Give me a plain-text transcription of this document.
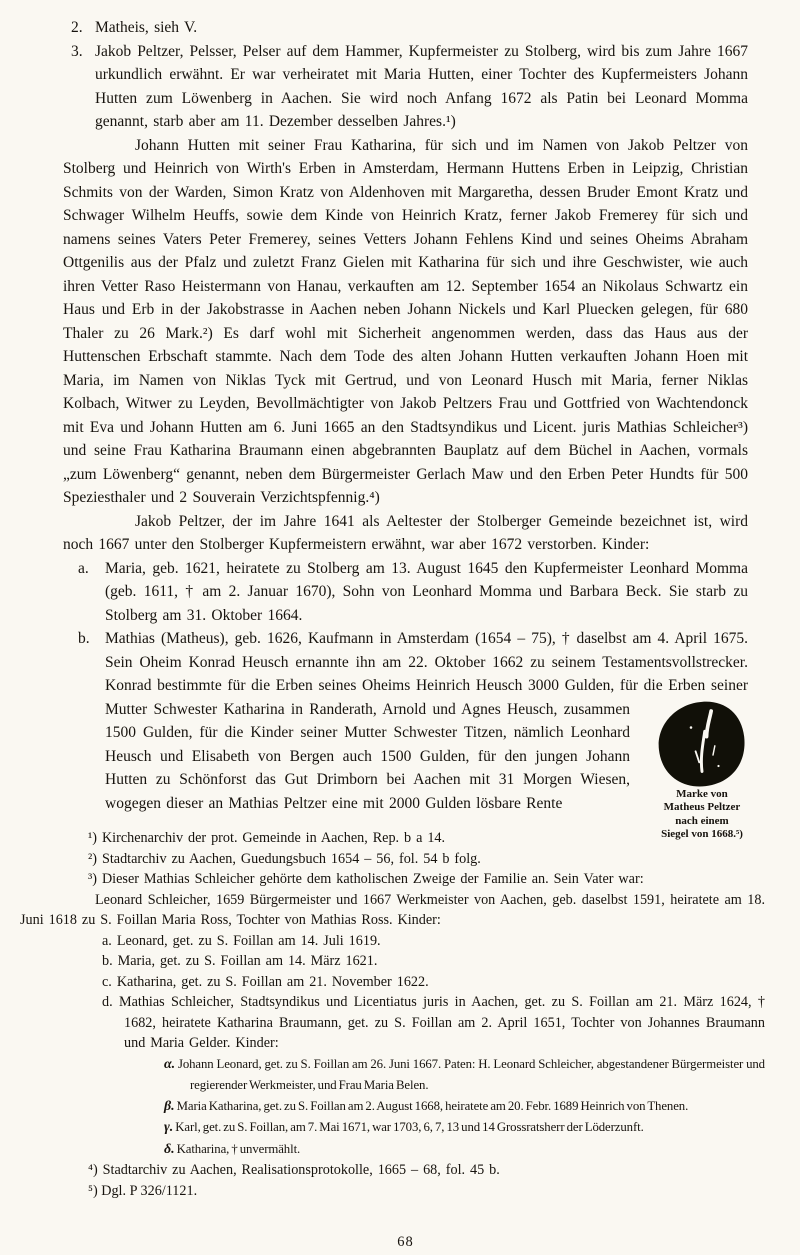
2. Matheis, sieh V.
3. Jakob Peltzer, Pelsser, Pelser auf dem Hammer, Kupfermeister zu Stolberg, wird bis zum Jahre 1667 urkundlich erwähnt. Er war verheiratet mit Maria Hutten, einer Tochter des Kupfermeisters Johann Hutten zum Löwenberg in Aachen. Sie wird noch Anfang 1672 als Patin bei Leonard Momma genannt, starb aber am 11. Dezember desselben Jahres.¹)
Johann Hutten mit seiner Frau Katharina, für sich und im Namen von Jakob Peltzer von Stolberg und Heinrich von Wirth's Erben in Amsterdam, Hermann Huttens Erben in Leipzig, Christian Schmits von der Warden, Simon Kratz von Aldenhoven mit Margaretha, dessen Bruder Emont Kratz und Schwager Wilhelm Heuffs, sowie dem Kinde von Heinrich Kratz, ferner Jakob Fremerey für sich und namens seines Vaters Peter Fremerey, seines Vetters Johann Fehlens Kind und seines Oheims Abraham Ottgenilis aus der Pfalz und zuletzt Franz Gielen mit Katharina für sich und ihre Geschwister, wie auch ihren Vetter Raso Heistermann von Hanau, verkauften am 12. September 1654 an Nikolaus Schwartz ein Haus und Erb in der Jakobstrasse in Aachen neben Johann Nickels und Karl Pluecken gelegen, für 680 Thaler zu 26 Mark.²) Es darf wohl mit Sicherheit angenommen werden, dass das Haus aus der Huttenschen Erbschaft stammte. Nach dem Tode des alten Johann Hutten verkauften Johann Hoen mit Maria, im Namen von Niklas Tyck mit Gertrud, und von Leonard Husch mit Maria, ferner Niklas Kolbach, Witwer zu Leyden, Bevollmächtigter von Jakob Peltzers Frau und Gottfried von Wachtendonck mit Eva und Johann Hutten am 6. Juni 1665 an den Stadtsyndikus und Licent. juris Mathias Schleicher³) und seine Frau Katharina Braumann einen abgebrannten Bauplatz auf dem Büchel in Aachen, vormals „zum Löwenberg“ genannt, neben dem Bürgermeister Gerlach Maw und den Erben Peter Hundts für 500 Speziesthaler und 2 Souverain Verzichtspfennig.⁴)
Jakob Peltzer, der im Jahre 1641 als Aeltester der Stolberger Gemeinde bezeichnet ist, wird noch 1667 unter den Stolberger Kupfermeistern erwähnt, war aber 1672 verstorben. Kinder:
a. Maria, geb. 1621, heiratete zu Stolberg am 13. August 1645 den Kupfermeister Leonhard Momma (geb. 1611, † am 2. Januar 1670), Sohn von Leonhard Momma und Barbara Beck. Sie starb zu Stolberg am 31. Oktober 1664.
b. Mathias (Matheus), geb. 1626, Kaufmann in Amsterdam (1654 – 75), † daselbst am 4. April 1675. Sein Oheim Konrad Heusch ernannte ihn am 22. Oktober 1662 zu seinem Testamentsvollstrecker. Konrad bestimmte für die Erben seines Oheims Heinrich Heusch 3000 Gulden, für die Erben
Marke von
Matheus Peltzer
nach einem
Siegel von 1668.⁵)
seiner Mutter Schwester Katharina in Randerath, Arnold und Agnes Heusch, zusammen 1500 Gulden, für die Kinder seiner Mutter Schwester Titzen, nämlich Leonhard Heusch und Elisabeth von Bergen auch 1500 Gulden, für den jungen Johann Hutten zu Schönforst das Gut Drimborn bei Aachen mit 31 Morgen Wiesen, wogegen dieser an Mathias Peltzer eine mit 2000 Gulden lösbare Rente
¹) Kirchenarchiv der prot. Gemeinde in Aachen, Rep. b a 14.
²) Stadtarchiv zu Aachen, Guedungsbuch 1654 – 56, fol. 54 b folg.
³) Dieser Mathias Schleicher gehörte dem katholischen Zweige der Familie an. Sein Vater war:
Leonard Schleicher, 1659 Bürgermeister und 1667 Werkmeister von Aachen, geb. daselbst 1591, heiratete am 18. Juni 1618 zu S. Foillan Maria Ross, Tochter von Mathias Ross. Kinder:
a. Leonard, get. zu S. Foillan am 14. Juli 1619.
b. Maria, get. zu S. Foillan am 14. März 1621.
c. Katharina, get. zu S. Foillan am 21. November 1622.
d. Mathias Schleicher, Stadtsyndikus und Licentiatus juris in Aachen, get. zu S. Foillan am 21. März 1624, † 1682, heiratete Katharina Braumann, get. zu S. Foillan am 2. April 1651, Tochter von Johannes Braumann und Maria Gelder. Kinder:
α. Johann Leonard, get. zu S. Foillan am 26. Juni 1667. Paten: H. Leonard Schleicher, abgestandener Bürgermeister und regierender Werkmeister, und Frau Maria Belen.
β. Maria Katharina, get. zu S. Foillan am 2. August 1668, heiratete am 20. Febr. 1689 Heinrich von Thenen.
γ. Karl, get. zu S. Foillan, am 7. Mai 1671, war 1703, 6, 7, 13 und 14 Grossratsherr der Löderzunft.
δ. Katharina, † unvermählt.
⁴) Stadtarchiv zu Aachen, Realisationsprotokolle, 1665 – 68, fol. 45 b.
⁵) Dgl. P 326/1121.
68
